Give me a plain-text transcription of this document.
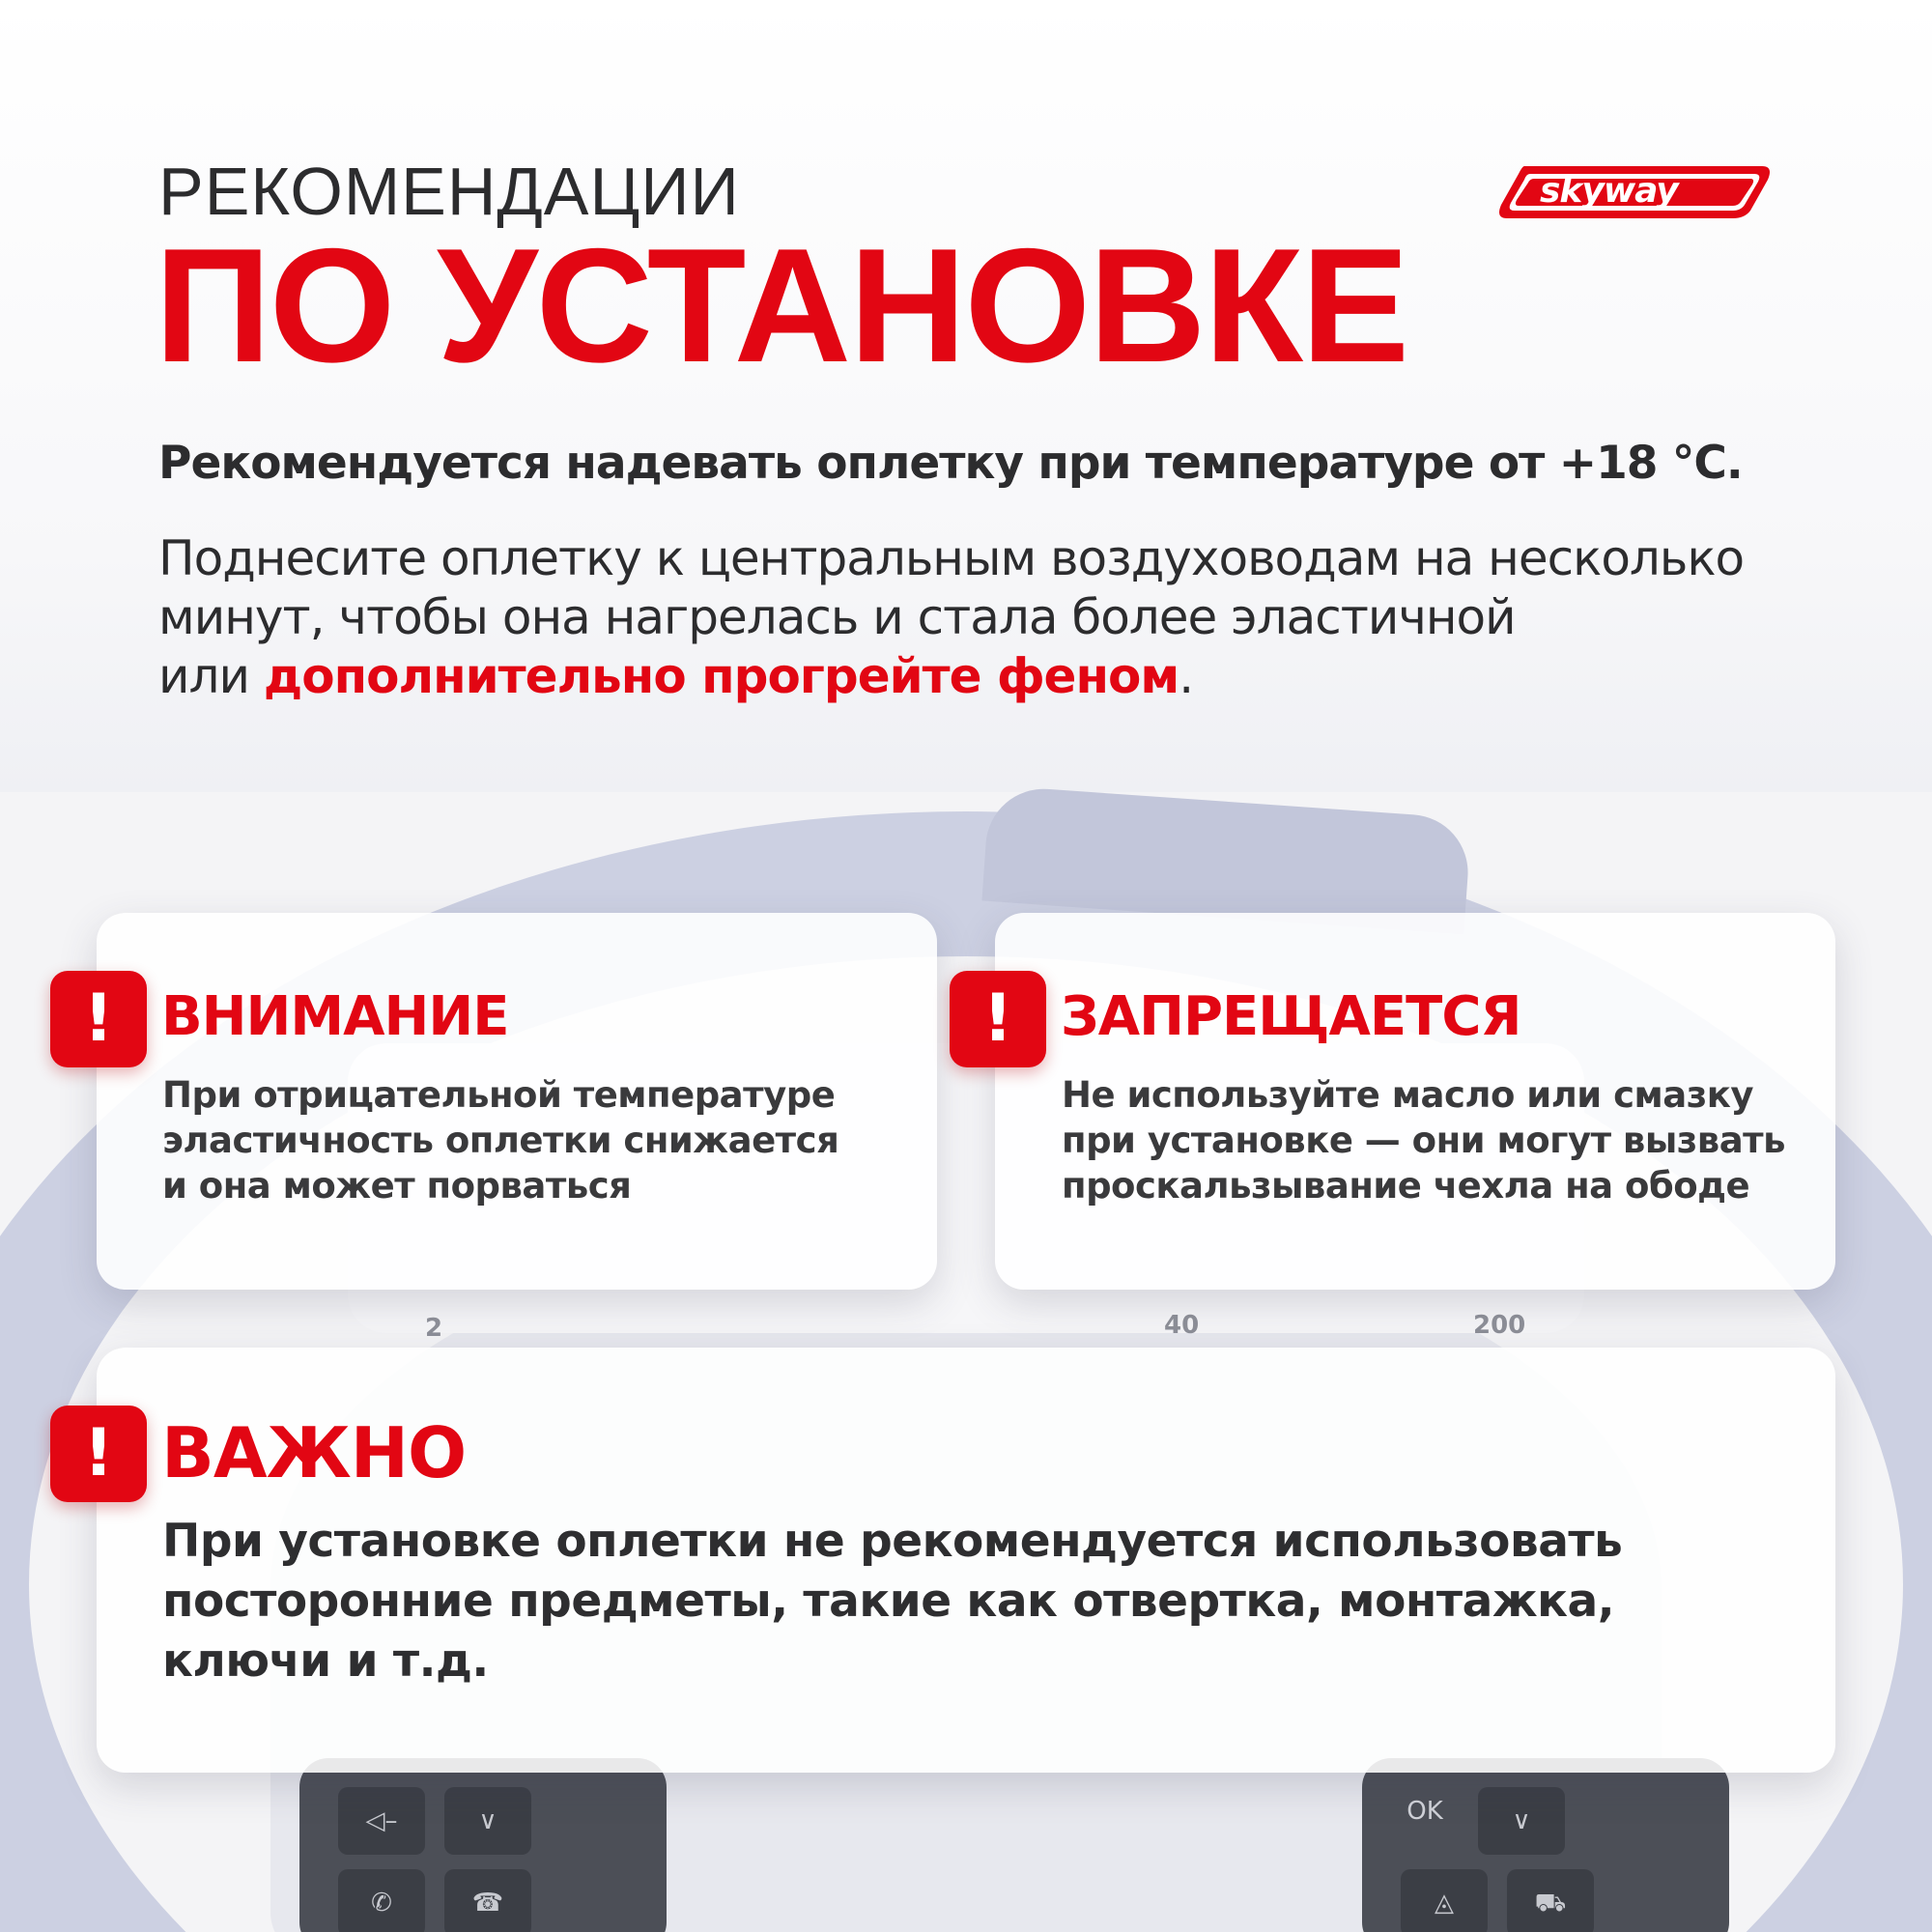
2	40	200
◁–	∨
✆	☎
OK	∨
◬	⛟
skyway
РЕКОМЕНДАЦИИ
ПО УСТАНОВКЕ

Рекомендуется надевать оплетку при температуре от +18 °C.

Поднесите оплетку к центральным воздуховодам на несколько
минут, чтобы она нагрелась и стала более эластичной
или дополнительно прогрейте феном.

! ВНИМАНИЕ

При отрицательной температуре
эластичность оплетки снижается
и она может порваться

! ЗАПРЕЩАЕТСЯ

Не используйте масло или смазку
при установке — они могут вызвать
проскальзывание чехла на ободе

! ВАЖНО

При установке оплетки не рекомендуется использовать
посторонние предметы, такие как отвертка, монтажка,
ключи и т.д.
